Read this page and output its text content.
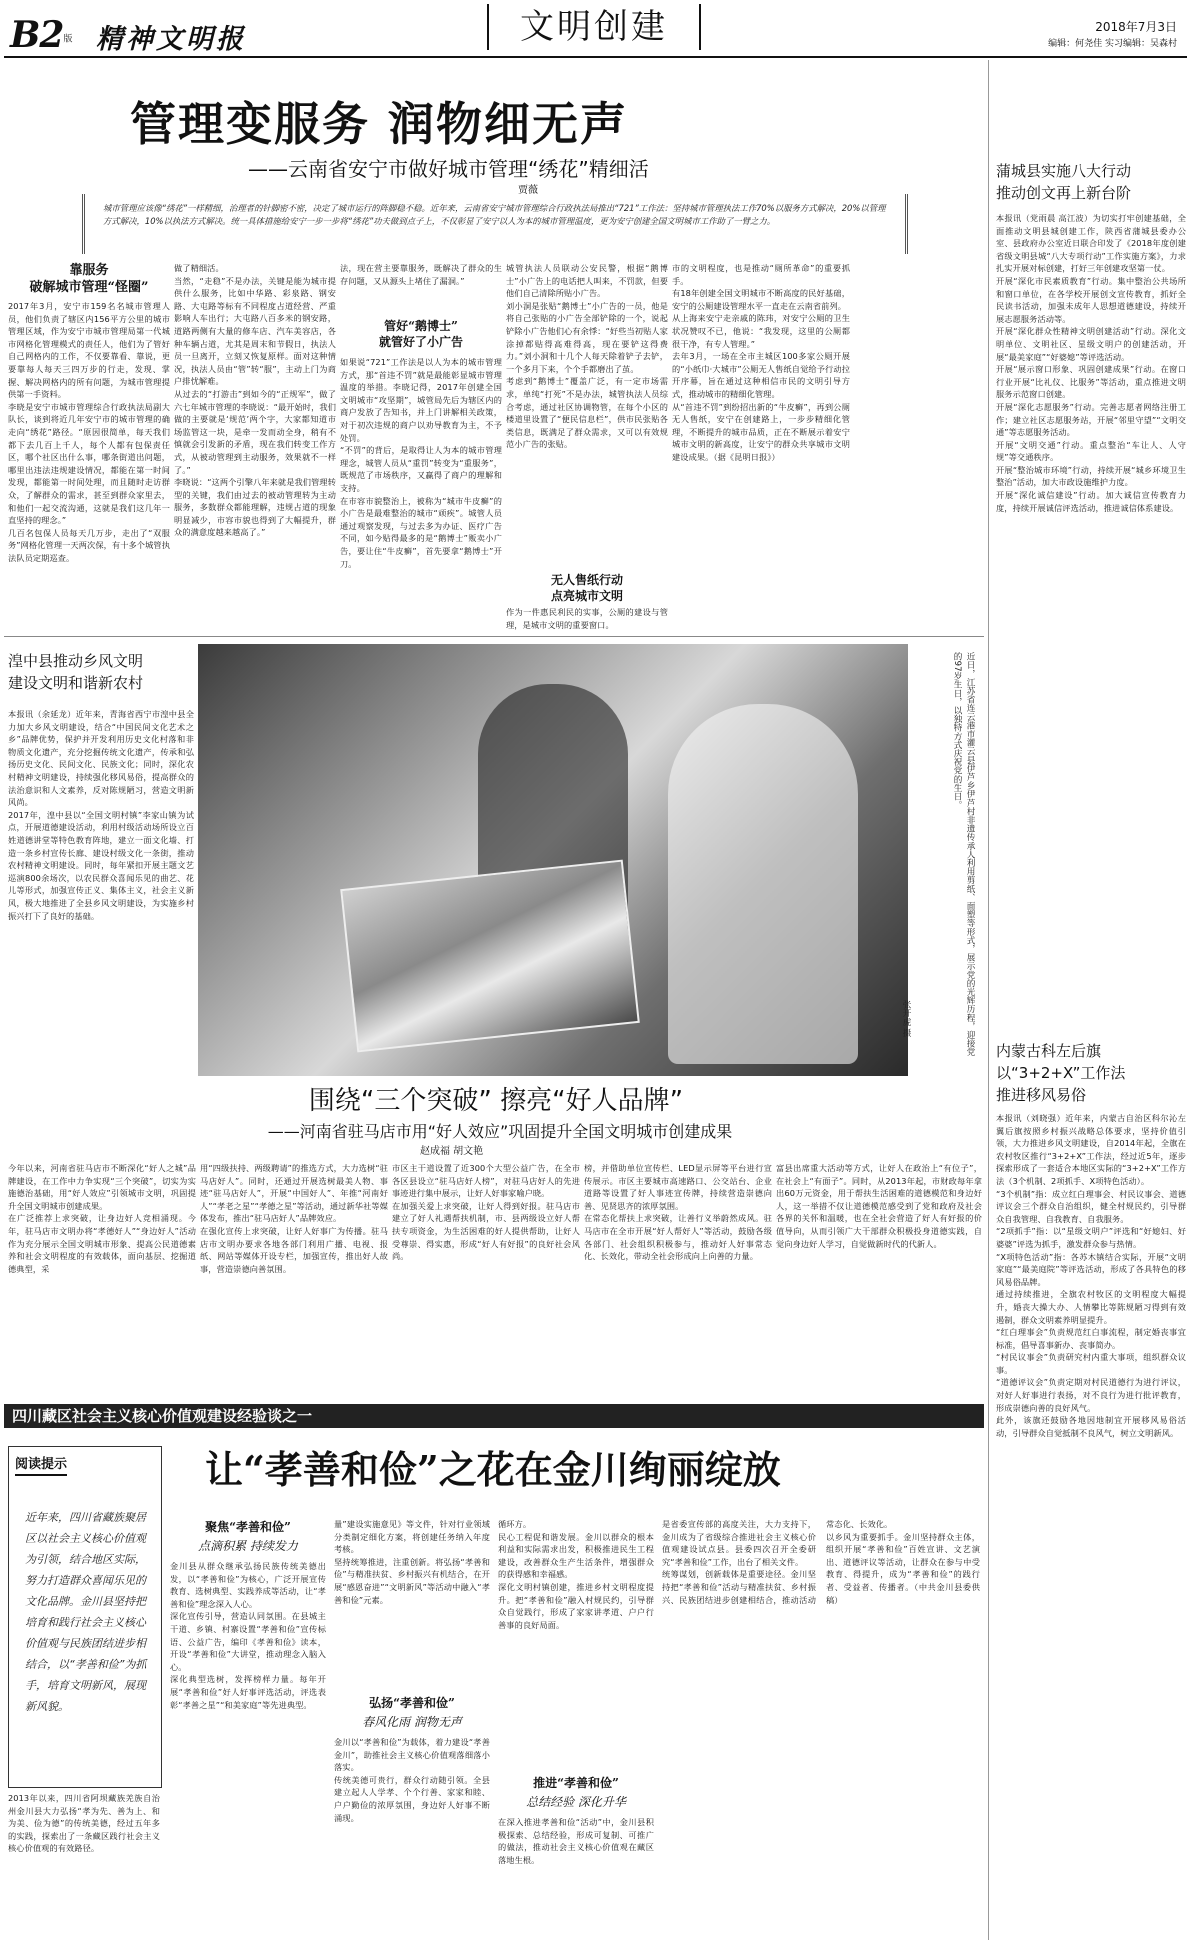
B2版 精神文明报	文明创建	2018年7月3日
编辑：何尧佳 实习编辑：吴森村
管理变服务 润物细无声
——云南省安宁市做好城市管理“绣花”精细活
贾薇
城市管理应该像“绣花”一样精细，治理者的针脚密不密，决定了城市运行的阵脚稳不稳。近年来，云南省安宁城市管理综合行政执法局推出“721”工作法：坚持城市管理执法工作70%以服务方式解决，20%以管理方式解决，10%以执法方式解决。统一具体措施给安宁一步一步将“绣花”功夫做到点子上，不仅彰显了安宁以人为本的城市管理温度，更为安宁创建全国文明城市工作助了一臂之力。
靠服务
破解城市管理“怪圈”
2017年3月，安宁市159名名城市管理人员，他们负责了辖区内156平方公里的城市管理区域，作为安宁市城市管理局第一代城市网格化管理模式的责任人，他们为了管好自己网格内的工作，不仅要靠看、靠说，更要靠每人每天三四万步的行走，发现、掌握、解决网格内的所有问题，为城市管理提供第一手资料。
李晓是安宁市城市管理综合行政执法局副大队长，谈到将近几年安宁市的城市管理的确走向“绣花”路径。“原因很简单，每天我们都下去几百上千人，每个人都有包保责任区，哪个社区出什么事，哪条街道出问题，哪里出违法违规建设情况，都能在第一时间发现，都能第一时间处理，而且随时走访群众，了解群众的需求，甚至到群众家里去，和他们一起交流沟通，这就是我们这几年一直坚持的理念。”
几百名包保人员每天几万步，走出了“双服务”网格化管理一天两次保，有十多个城管执法队员定期巡查。
做了精细活。
当然，“走稳”不是办法，关键是能为城市提供什么服务，比如中华路、彩泉路、钢安路、大屯路等标有不同程度占道经营、严重影响人车出行；大屯路八百多米的钢安路，道路两侧有大量的修车店、汽车美容店，各种车辆占道，尤其是周末和节假日，执法人员一旦离开，立刻又恢复原样。面对这种情况，执法人员由“管”转“服”，主动上门为商户排忧解难。
从过去的“打游击”到如今的“正规军”，做了六七年城市管理的李晓说：“最开始时，我们做的主要就是‘规范’两个字，大家都知道市场监管这一块，是牵一发而动全身，稍有不慎就会引发新的矛盾，现在我们转变工作方式，从被动管理到主动服务，效果就不一样了。”
李晓说：“这两个引擎八年来就是我们管理转型的关键，我们由过去的被动管理转为主动服务，多数群众都能理解，违规占道的现象明显减少，市容市貌也得到了大幅提升，群众的满意度越来越高了。”
法，现在营主要靠服务，既解决了群众的生存问题，又从源头上堵住了漏洞。”
管好“鹅博士”
就管好了小广告
如果说“721”工作法是以人为本的城市管理方式，那“首违不罚”就是最能彰显城市管理温度的举措。李晓记得，2017年创建全国文明城市“攻坚期”，城管局先后为辖区内的商户发放了告知书，并上门讲解相关政策，对于初次违规的商户以劝导教育为主，不予处罚。
“不罚”的背后，是取得让人为本的城市管理理念，城管人员从“重罚”转变为“重服务”，既规范了市场秩序，又赢得了商户的理解和支持。
在市容市貌整治上，被称为“城市牛皮癣”的小广告是最难整治的城市“顽疾”。城管人员通过观察发现，与过去多为办证、医疗广告不同，如今贴得最多的是“鹅博士”贩卖小广告，要让住“牛皮癣”，首先要拿“鹅博士”开刀。
城管执法人员联动公安民警，根据“鹅博士”小广告上的电话把人叫来，不罚款，但要他们自己清除所贴小广告。
刘小洞是张贴“鹅博士”小广告的一员，他是将自己张贴的小广告全部铲除的一个，说起铲除小广告他们心有余悸：“好些当初贴人家涂掉都贴得高难得高，现在要铲这得费力。”刘小洞和十几个人每天除着铲子去铲，一个多月下来，个个手都磨出了茧。
考虑到“鹅博士”覆盖广泛，有一定市场需求，单纯“打死”不是办法，城管执法人员综合考虑，通过社区协调物管，在每个小区的楼道里设置了“便民信息栏”，供市民张贴各类信息，既满足了群众需求，又可以有效规范小广告的张贴。
无人售纸行动
点亮城市文明
作为一件惠民利民的实事，公厕的建设与管理，是城市文明的重要窗口。
市的文明程度，也是推动“厕所革命”的重要抓手。
有18年创建全国文明城市不断高度的民好基础，安宁的公厕建设管理水平一直走在云南省前列。
从上海来安宁走亲戚的陈玮，对安宁公厕的卫生状况赞叹不已，他说：“我发现，这里的公厕都很干净，有专人管理。”
去年3月，一场在全市主城区100多家公厕开展的“小纸巾·大城市”公厕无人售纸自觉给予行动拉开序幕，旨在通过这种相信市民的文明引导方式，推动城市的精细化管理。
从“首违不罚”到纷招出新的“牛皮癣”，再到公厕无人售纸，安宁在创建路上，一步步精细化管理，不断提升的城市品质，正在不断展示着安宁城市文明的新高度，让安宁的群众共享城市文明建设成果。（据《昆明日报》）
蒲城县实施八大行动
推动创文再上新台阶
本报讯（党雨晨 高江波）为切实打牢创建基础，全面推动文明县城创建工作，陕西省蒲城县委办公室、县政府办公室近日联合印发了《2018年度创建省级文明县城“八大专项行动”工作实施方案》，力求扎实开展对标创建，打好三年创建攻坚第一仗。
开展“深化市民素质教育”行动。集中整治公共场所和窗口单位，在各学校开展创文宣传教育，抓好全民读书活动，加强未成年人思想道德建设，持续开展志愿服务活动等。
开展“深化群众性精神文明创建活动”行动。深化文明单位、文明社区、星级文明户的创建活动，开展“最美家庭”“好婆媳”等评选活动。
开展“展示窗口形象、巩固创建成果”行动。在窗口行业开展“比礼仪、比服务”等活动，重点推进文明服务示范窗口创建。
开展“深化志愿服务”行动。完善志愿者网络注册工作；建立社区志愿服务站，开展“邻里守望”“文明交通”等志愿服务活动。
开展“文明交通”行动。重点整治“车让人、人守规”等交通秩序。
开展“整治城市环境”行动，持续开展“城乡环境卫生整治”活动，加大市政设施维护力度。
开展“深化诚信建设”行动。加大诚信宣传教育力度，持续开展诚信评选活动，推进诚信体系建设。
湟中县推动乡风文明
建设文明和谐新农村
本报讯（余延龙）近年来，青海省西宁市湟中县全力加大乡风文明建设，结合“中国民间文化艺术之乡”品牌优势，保护并开发利用历史文化村落和非物质文化遗产，充分挖掘传统文化遗产，传承和弘扬历史文化、民间文化、民族文化；同时，深化农村精神文明建设，持续强化移风易俗，提高群众的法治意识和人文素养，反对陈规陋习，营造文明新风尚。
2017年，湟中县以“全国文明村镇”李家山镇为试点，开展道德建设活动，利用村级活动场所设立百姓道德讲堂等特色教育阵地，建立一面文化墙、打造一条乡村宣传长廊、建设村级文化一条街，推动农村精神文明建设。同时，每年紧扣开展主题文艺巡演800余场次，以农民群众喜闻乐见的曲艺、花儿等形式，加强宣传正义、集体主义，社会主义新风，极大地推进了全县乡风文明建设，为实施乡村振兴打下了良好的基础。	近日，江苏省连云港市灌云县伊芦乡伊芦村非遗传承人利用剪纸、面塑等形式，展示党的光辉历程，迎接党的97岁生日，以独特方式庆祝党的生日。
张开虎 摄
内蒙古科左后旗
以“3+2+X”工作法
推进移风易俗
本报讯（刘晓强）近年来，内蒙古自治区科尔沁左翼后旗按照乡村振兴战略总体要求，坚持价值引领，大力推进乡风文明建设，自2014年起，全旗在农村牧区推行“3+2+X”工作法，经过近5年，逐步探索形成了一套适合本地区实际的“3+2+X”工作方法（3个机制、2项抓手、X项特色活动）。
“3个机制”指：成立红白理事会、村民议事会、道德评议会三个群众自治组织，健全村规民约，引导群众自我管理、自我教育、自我服务。
“2项抓手”指：以“星级文明户”评选和“好媳妇、好婆婆”评选为抓手，激发群众参与热情。
“X项特色活动”指：各苏木镇结合实际，开展“文明家庭”“最美庭院”等评选活动，形成了各具特色的移风易俗品牌。
通过持续推进，全旗农村牧区的文明程度大幅提升，婚丧大操大办、人情攀比等陈规陋习得到有效遏制，群众文明素养明显提升。
“红白理事会”负责规范红白事流程，制定婚丧事宜标准，倡导喜事新办、丧事简办。
“村民议事会”负责研究村内重大事项，组织群众议事。
“道德评议会”负责定期对村民道德行为进行评议，对好人好事进行表扬，对不良行为进行批评教育，形成崇德向善的良好风气。
此外，该旗还鼓励各地因地制宜开展移风易俗活动，引导群众自觉抵制不良风气，树立文明新风。
围绕“三个突破” 擦亮“好人品牌”
——河南省驻马店市用“好人效应”巩固提升全国文明城市创建成果
赵成福 胡文艳
今年以来，河南省驻马店市不断深化“好人之城”品牌建设，在工作中力争实现“三个突破”，切实为实施德治基础，用“好人效应”引领城市文明，巩固提升全国文明城市创建成果。
在广泛推荐上求突破，让身边好人竞相涌现。今年，驻马店市文明办将“孝德好人”“身边好人”活动作为充分展示全国文明城市形象、提高公民道德素养和社会文明程度的有效载体，面向基层、挖掘道德典型，采
用“四级扶持、两级聘请”的推选方式，大力选树“驻马店好人”。同时，还通过开展选树最美人物、事迹“驻马店好人”，开展“中国好人”、年推“河南好人”“孝老之星”“孝德之星”等活动，通过新华社等媒体发布，推出“驻马店好人”品牌效应。
在强化宣传上求突破，让好人好事广为传播。驻马店市文明办要求各地各部门利用广播、电视、报纸、网站等媒体开设专栏，加强宣传，推出好人故事，营造崇德向善氛围。
市区主干道设置了近300个大型公益广告，在全市各区县设立“驻马店好人榜”，对驻马店好人的先进事迹进行集中展示，让好人好事家喻户晓。
在加强关爱上求突破，让好人得到好报。驻马店市建立了好人礼遇帮扶机制，市、县两级设立好人帮扶专项资金，为生活困难的好人提供帮助，让好人受尊崇、得实惠，形成“好人有好报”的良好社会风尚。
榜，并借助单位宣传栏、LED显示屏等平台进行宣传展示。市区主要城市高速路口、公交站台、企业道路等设置了好人事迹宣传牌，持续营造崇德向善、见贤思齐的浓厚氛围。
在常态化帮扶上求突破，让善行义举蔚然成风。驻马店市在全市开展“好人帮好人”等活动，鼓励各级各部门、社会组织积极参与，推动好人好事常态化、长效化，带动全社会形成向上向善的力量。
富县出席重大活动等方式，让好人在政治上“有位子”，在社会上“有面子”。同时，从2013年起，市财政每年拿出60万元资金，用于帮扶生活困难的道德模范和身边好人，这一举措不仅让道德模范感受到了党和政府及社会各界的关怀和温暖，也在全社会营造了好人有好报的价值导向，从而引领广大干部群众积极投身道德实践，自觉向身边好人学习，自觉做新时代的代新人。
四川藏区社会主义核心价值观建设经验谈之一
让“孝善和俭”之花在金川绚丽绽放
阅读提示
近年来，四川省藏族聚居区以社会主义核心价值观为引领，结合地区实际，努力打造群众喜闻乐见的文化品牌。金川县坚持把培育和践行社会主义核心价值观与民族团结进步相结合，以“孝善和俭”为抓手，培育文明新风，展现新风貌。
2013年以来，四川省阿坝藏族羌族自治州金川县大力弘扬“孝为先、善为上、和为美、俭为德”的传统美德，经过五年多的实践，探索出了一条藏区践行社会主义核心价值观的有效路径。
聚焦“孝善和俭”
点滴积累 持续发力
金川县从群众继承弘扬民族传统美德出发，以“孝善和俭”为核心，广泛开展宣传教育、选树典型、实践养成等活动，让“孝善和俭”理念深入人心。
深化宣传引导，营造认同氛围。在县城主干道、乡镇、村寨设置“孝善和俭”宣传标语、公益广告，编印《孝善和俭》读本，开设“孝善和俭”大讲堂，推动理念入脑入心。
深化典型选树，发挥榜样力量。每年开展“孝善和俭”好人好事评选活动，评选表彰“孝善之星”“和美家庭”等先进典型。
量”建设实施意见》等文件，针对行业领域分类制定细化方案，将创建任务纳入年度考核。
坚持统筹推进，注重创新。将弘扬“孝善和俭”与精准扶贫、乡村振兴有机结合，在开展“感恩奋进”“文明新风”等活动中融入“孝善和俭”元素。
弘扬“孝善和俭”
春风化雨 润物无声
金川以“孝善和俭”为载体，着力建设“孝善金川”，助推社会主义核心价值观落细落小落实。
传统美德可贵行，群众行动随引领。全县建立起人人学孝、个个行善、家家和睦、户户勤俭的浓厚氛围，身边好人好事不断涌现。
循环方。
民心工程促和谐发展。金川以群众的根本利益和实际需求出发，积极推进民生工程建设，改善群众生产生活条件，增强群众的获得感和幸福感。
深化文明村镇创建，推进乡村文明程度提升。把“孝善和俭”融入村规民约，引导群众自觉践行，形成了家家讲孝道、户户行善事的良好局面。
推进“孝善和俭”
总结经验 深化升华
在深入推进孝善和俭“活动”中，金川县积极探索、总结经验，形成可复制、可推广的做法，推动社会主义核心价值观在藏区落地生根。
是省委宣传部的高度关注，大力支持下，金川成为了省级综合推进社会主义核心价值观建设试点县。县委四次召开全委研究“孝善和俭”工作，出台了相关文件。
统筹谋划，创新载体是重要途径。金川坚持把“孝善和俭”活动与精准扶贫、乡村振兴、民族团结进步创建相结合，推动活动常态化、长效化。
以乡风为重要抓手。金川坚持群众主体，组织开展“孝善和俭”百姓宣讲、文艺演出、道德评议等活动，让群众在参与中受教育、得提升，成为“孝善和俭”的践行者、受益者、传播者。（中共金川县委供稿）
